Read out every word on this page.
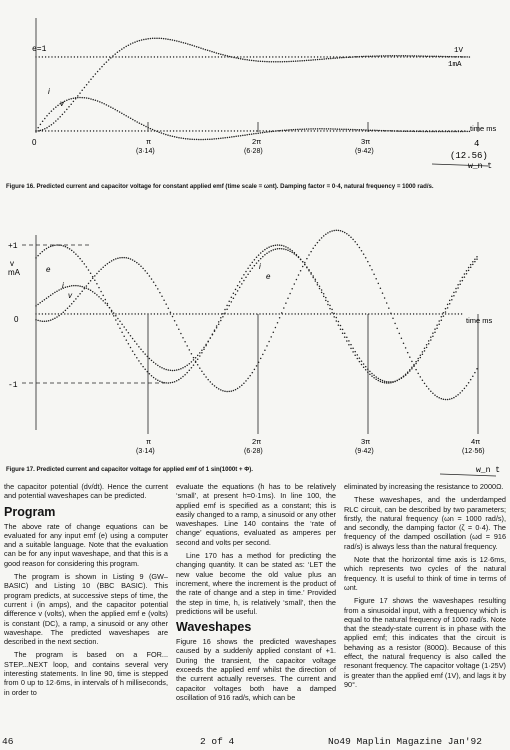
e=1	1V
1mA
i
v
time ms
0	π
(3·14)
2π
(6·28)
3π
(9·42)
4
(12.56)
w_n t
Figure 16. Predicted current and capacitor voltage for constant applied emf (time scale = ωnt). Damping factor = 0·4, natural frequency = 1000 rad/s.
+1
v
mA	e
i
v
i
e
0
-1
time ms
π
(3·14)
2π
(6·28)
3π
(9·42)
4π
(12·56)
w_n t
Figure 17. Predicted current and capacitor voltage for applied emf of 1 sin(1000t + Φ).

the capacitor potential (dv/dt). Hence the current and potential waveshapes can be predicted.

Program

The above rate of change equations can be evaluated for any input emf (e) using a computer and a suitable language. Note that the evaluation can be for any input waveshape, and that this is a good reason for considering this program.

The program is shown in Listing 9 (GW–BASIC) and Listing 10 (BBC BASIC). This program predicts, at successive steps of time, the current i (in amps), and the capacitor potential difference v (volts), when the applied emf e (volts) is constant (DC), a ramp, a sinusoid or any other waveshape. The predicted waveshapes are described in the next section.

The program is based on a FOR... STEP...NEXT loop, and contains several very interesting statements. In line 90, time is stepped from 0 up to 12·6ms, in intervals of h milliseconds, in order to

evaluate the equations (h has to be relatively ‘small’, at present h=0·1ms). In line 100, the applied emf is specified as a constant; this is easily changed to a ramp, a sinusoid or any other waveshapes. Line 140 contains the ‘rate of change’ equations, evaluated as amperes per second and volts per second.

Line 170 has a method for predicting the changing quantity. It can be stated as: ‘LET the new value become the old value plus an increment, where the increment is the product of the rate of change and a step in time.’ Provided the step in time, h, is relatively ‘small’, then the predictions will be useful.

Waveshapes

Figure 16 shows the predicted waveshapes caused by a suddenly applied constant of +1. During the transient, the capacitor voltage exceeds the applied emf whilst the direction of the current actually reverses. The current and capacitor voltages both have a damped oscillation of 916 rad/s, which can be

eliminated by increasing the resistance to 2000Ω.

These waveshapes, and the underdamped RLC circuit, can be described by two parameters; firstly, the natural frequency (ωn = 1000 rad/s), and secondly, the damping factor (ζ = 0·4). The frequency of the damped oscillation (ωd = 916 rad/s) is always less than the natural frequency.

Note that the horizontal time axis is 12·6ms, which represents two cycles of the natural frequency. It is useful to think of time in terms of ωnt.

Figure 17 shows the waveshapes resulting from a sinusoidal input, with a frequency which is equal to the natural frequency of 1000 rad/s. Note that the steady-state current is in phase with the applied emf; this indicates that the circuit is behaving as a resistor (800Ω). Because of this effect, the natural frequency is also called the resonant frequency. The capacitor voltage (1·25V) is greater than the applied emf (1V), and lags it by 90°.

46	2 of 4	No49 Maplin Magazine Jan'92
